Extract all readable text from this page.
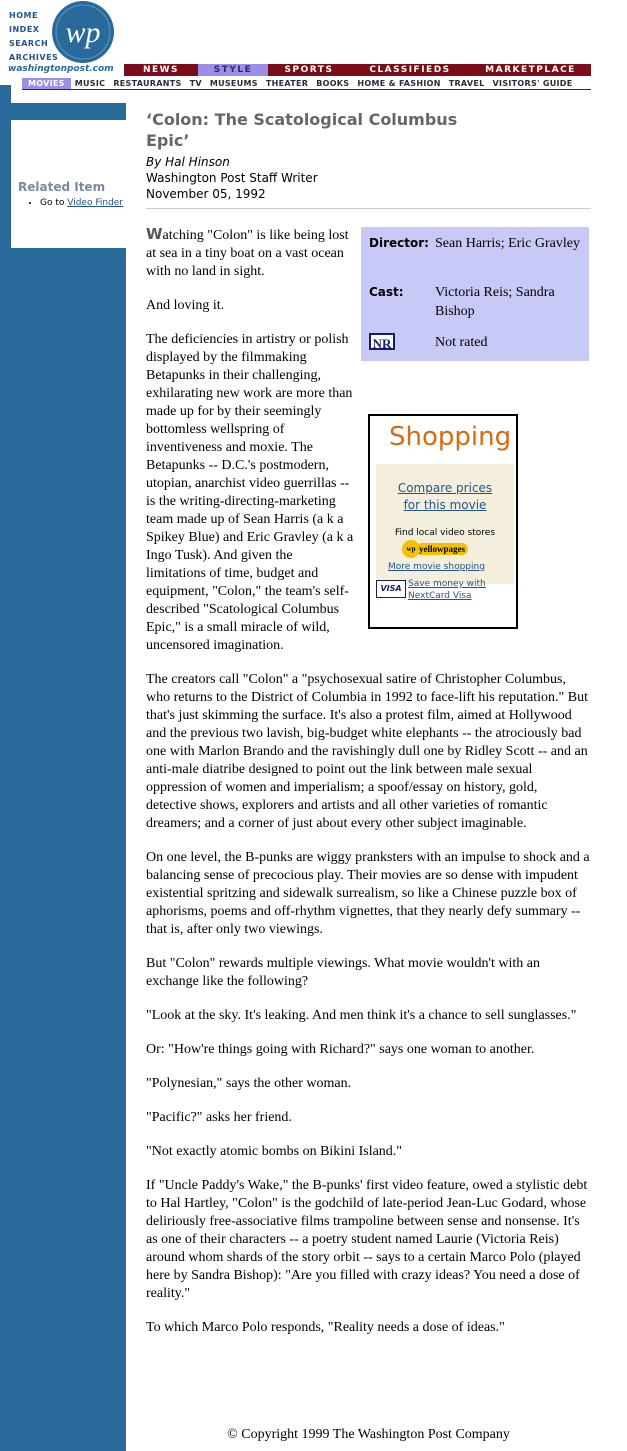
HOME
INDEX
SEARCH
ARCHIVES
wp
washingtonpost.com	NEWS	STYLE	SPORTS	CLASSIFIEDS	MARKETPLACE
MOVIES	MUSIC	RESTAURANTS	TV	MUSEUMS	THEATER	BOOKS	HOME & FASHION	TRAVEL	VISITORS' GUIDE
Related Item
• Go to Video Finder
‘Colon: The Scatological Columbus Epic’
By Hal Hinson
Washington Post Staff Writer
November 05, 1992
Director: Sean Harris; Eric Gravley
Cast: Victoria Reis; Sandra Bishop
NR	Not rated
Shopping
Compare prices for this movie
Find local video stores
wp yellowpages
More movie shopping
VISA Save money with NextCard Visa

Watching "Colon" is like being lost at sea in a tiny boat on a vast ocean with no land in sight.

And loving it.

The deficiencies in artistry or polish displayed by the filmmaking Betapunks in their challenging, exhilarating new work are more than made up for by their seemingly bottomless wellspring of inventiveness and moxie. The Betapunks -- D.C.'s postmodern, utopian, anarchist video guerrillas -- is the writing-directing-marketing team made up of Sean Harris (a k a Spikey Blue) and Eric Gravley (a k a Ingo Tusk). And given the limitations of time, budget and equipment, "Colon," the team's self-described "Scatological Columbus Epic," is a small miracle of wild, uncensored imagination.

The creators call "Colon" a "psychosexual satire of Christopher Columbus, who returns to the District of Columbia in 1992 to face-lift his reputation." But that's just skimming the surface. It's also a protest film, aimed at Hollywood and the previous two lavish, big-budget white elephants -- the atrociously bad one with Marlon Brando and the ravishingly dull one by Ridley Scott -- and an anti-male diatribe designed to point out the link between male sexual oppression of women and imperialism; a spoof/essay on history, gold, detective shows, explorers and artists and all other varieties of romantic dreamers; and a corner of just about every other subject imaginable.

On one level, the B-punks are wiggy pranksters with an impulse to shock and a balancing sense of precocious play. Their movies are so dense with impudent existential spritzing and sidewalk surrealism, so like a Chinese puzzle box of aphorisms, poems and off-rhythm vignettes, that they nearly defy summary -- that is, after only two viewings.

But "Colon" rewards multiple viewings. What movie wouldn't with an exchange like the following?

"Look at the sky. It's leaking. And men think it's a chance to sell sunglasses."

Or: "How're things going with Richard?" says one woman to another.

"Polynesian," says the other woman.

"Pacific?" asks her friend.

"Not exactly atomic bombs on Bikini Island."

If "Uncle Paddy's Wake," the B-punks' first video feature, owed a stylistic debt to Hal Hartley, "Colon" is the godchild of late-period Jean-Luc Godard, whose deliriously free-associative films trampoline between sense and nonsense. It's as one of their characters -- a poetry student named Laurie (Victoria Reis) around whom shards of the story orbit -- says to a certain Marco Polo (played here by Sandra Bishop): "Are you filled with crazy ideas? You need a dose of reality."

To which Marco Polo responds, "Reality needs a dose of ideas."

© Copyright 1999 The Washington Post Company
